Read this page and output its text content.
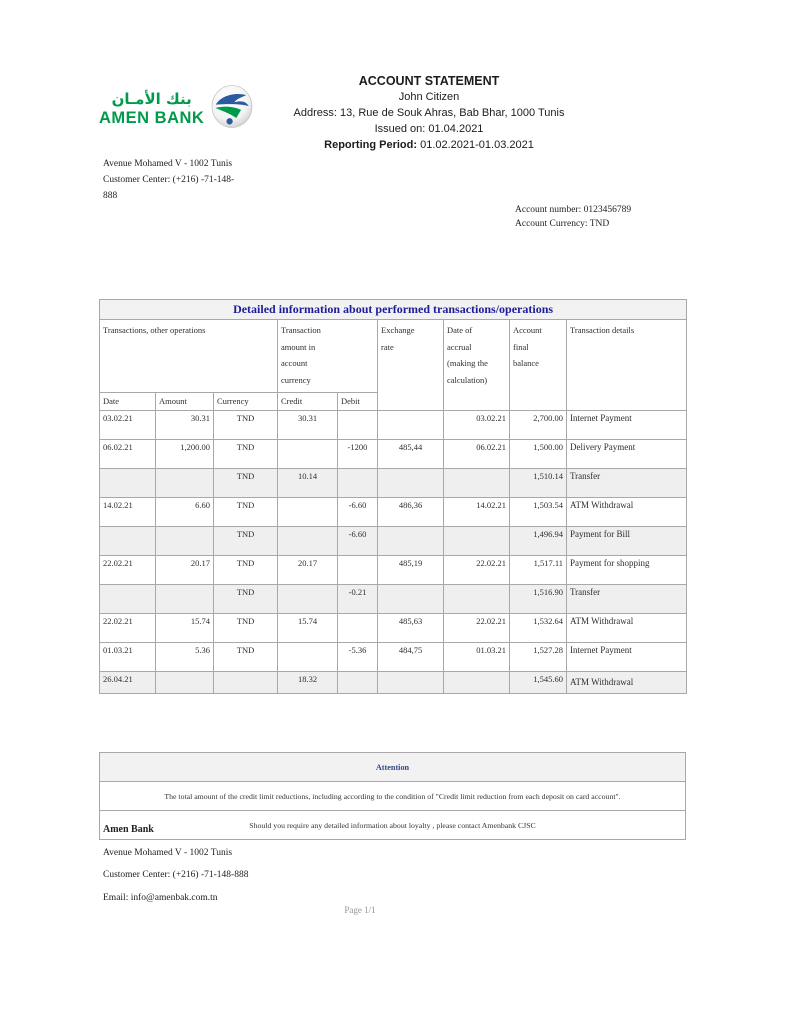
بنك الأمـان
AMEN BANK
ACCOUNT STATEMENT
John Citizen
Address: 13, Rue de Souk Ahras, Bab Bhar, 1000 Tunis
Issued on: 01.04.2021
Reporting Period: 01.02.2021-01.03.2021
Avenue Mohamed V - 1002 Tunis
Customer Center: (+216) -71-148-888
Account number: 0123456789
Account Currency: TND
Detailed information about performed transactions/operations								
Transactions, other operations			Transaction amount in account currency		Exchange rate	Date of accrual (making the calculation)	Account final balance	Transaction details
Date	Amount	Currency	Credit	Debit				
03.02.21	30.31	TND	30.31			03.02.21	2,700.00	Internet Payment
06.02.21	1,200.00	TND		-1200	485,44	06.02.21	1,500.00	Delivery Payment
		TND	10.14				1,510.14	Transfer
14.02.21	6.60	TND		-6.60	486,36	14.02.21	1,503.54	ATM Withdrawal
		TND		-6.60			1,496.94	Payment for Bill
22.02.21	20.17	TND	20.17		485,19	22.02.21	1,517.11	Payment for shopping
		TND		-0.21			1,516.90	Transfer
22.02.21	15.74	TND	15.74		485,63	22.02.21	1,532.64	ATM Withdrawal
01.03.21	5.36	TND		-5.36	484,75	01.03.21	1,527.28	Internet Payment
26.04.21			18.32				1,545.60	ATM Withdrawal
Attention
The total amount of the credit limit reductions, including according to the condition of "Credit limit reduction from each deposit on card account".
Should you require any detailed information about loyalty , please contact Amenbank CJSC
Amen Bank
Avenue Mohamed V - 1002 Tunis
Customer Center: (+216) -71-148-888
Email: info@amenbak.com.tn
Page 1/1
